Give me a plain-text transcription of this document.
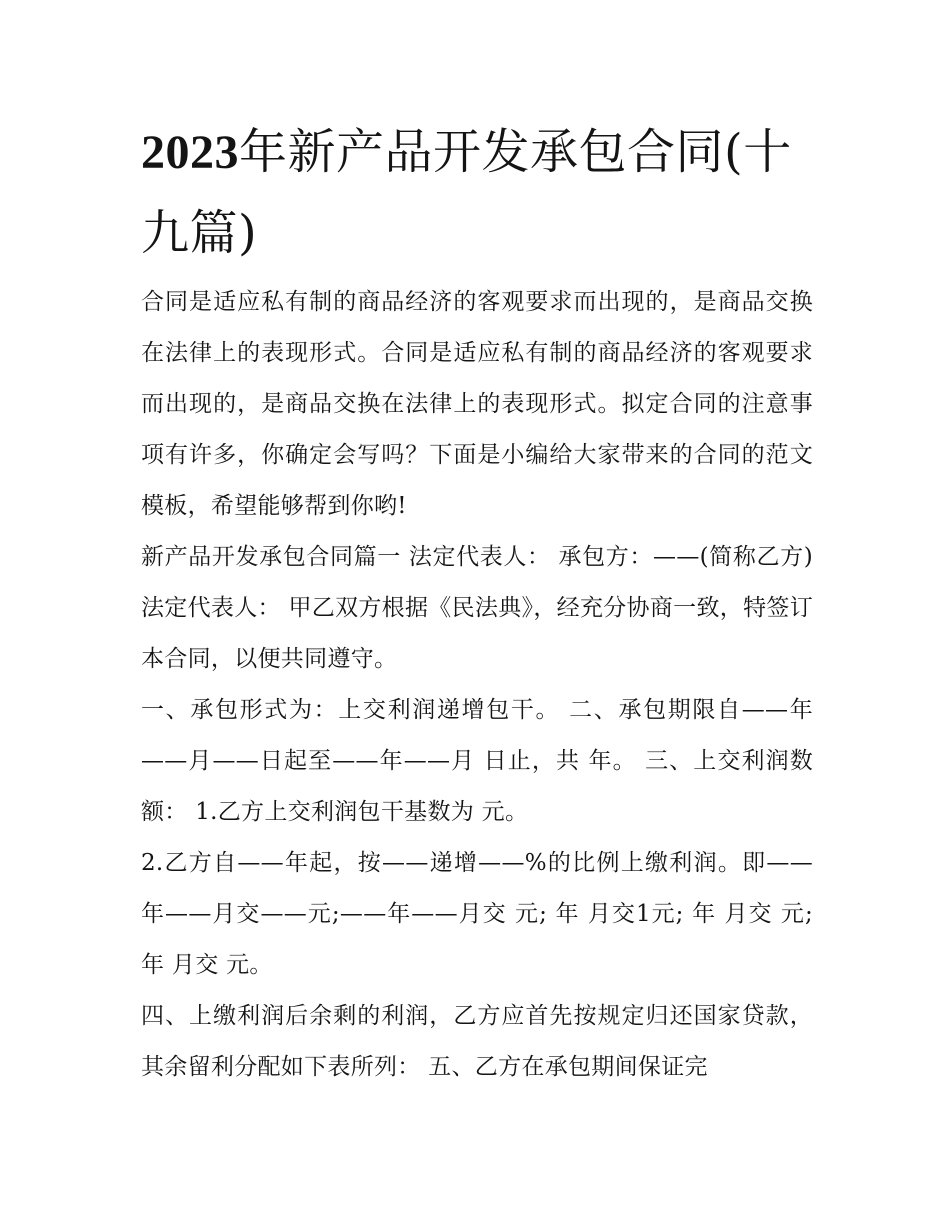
2023年新产品开发承包合同(十九篇)

合同是适应私有制的商品经济的客观要求而出现的，是商品交换在法律上的表现形式。合同是适应私有制的商品经济的客观要求而出现的，是商品交换在法律上的表现形式。拟定合同的注意事项有许多，你确定会写吗？下面是小编给大家带来的合同的范文模板，希望能够帮到你哟!

新产品开发承包合同篇一 法定代表人： 承包方：——(简称乙方) 法定代表人： 甲乙双方根据《民法典》，经充分协商一致，特签订本合同，以便共同遵守。

一、承包形式为：上交利润递增包干。 二、承包期限自——年——月——日起至——年——月 日止，共 年。 三、上交利润数额： 1.乙方上交利润包干基数为 元。

2.乙方自——年起，按——递增——%的比例上缴利润。即——年——月交——元;——年——月交 元; 年 月交1元; 年 月交 元; 年 月交 元。

四、上缴利润后余剩的利润，乙方应首先按规定归还国家贷款，其余留利分配如下表所列： 五、乙方在承包期间保证完
